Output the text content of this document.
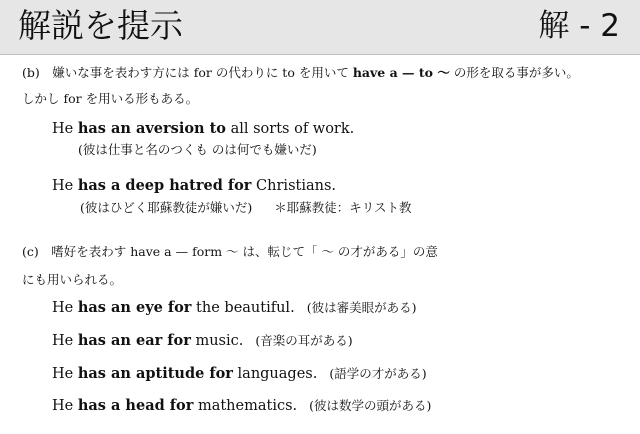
解説を提示	解 - 2
(b)　嫌いな事を表わす方には for の代わりに to を用いて have a — to 〜 の形を取る事が多い。
しかし for を用いる形もある。
He has an aversion to all sorts of work.
(彼は仕事と名のつくも のは何でも嫌いだ)
He has a deep hatred for Christians.
(彼はひどく耶蘇教徒が嫌いだ) ＊耶蘇教徒：キリスト教
(c)　嗜好を表わす have a — form 〜 は、転じて「 〜 の才がある」の意
にも用いられる。
He has an eye for the beautiful. (彼は審美眼がある)
He has an ear for music. (音楽の耳がある)
He has an aptitude for languages. (語学の才がある)
He has a head for mathematics. (彼は数学の頭がある)
